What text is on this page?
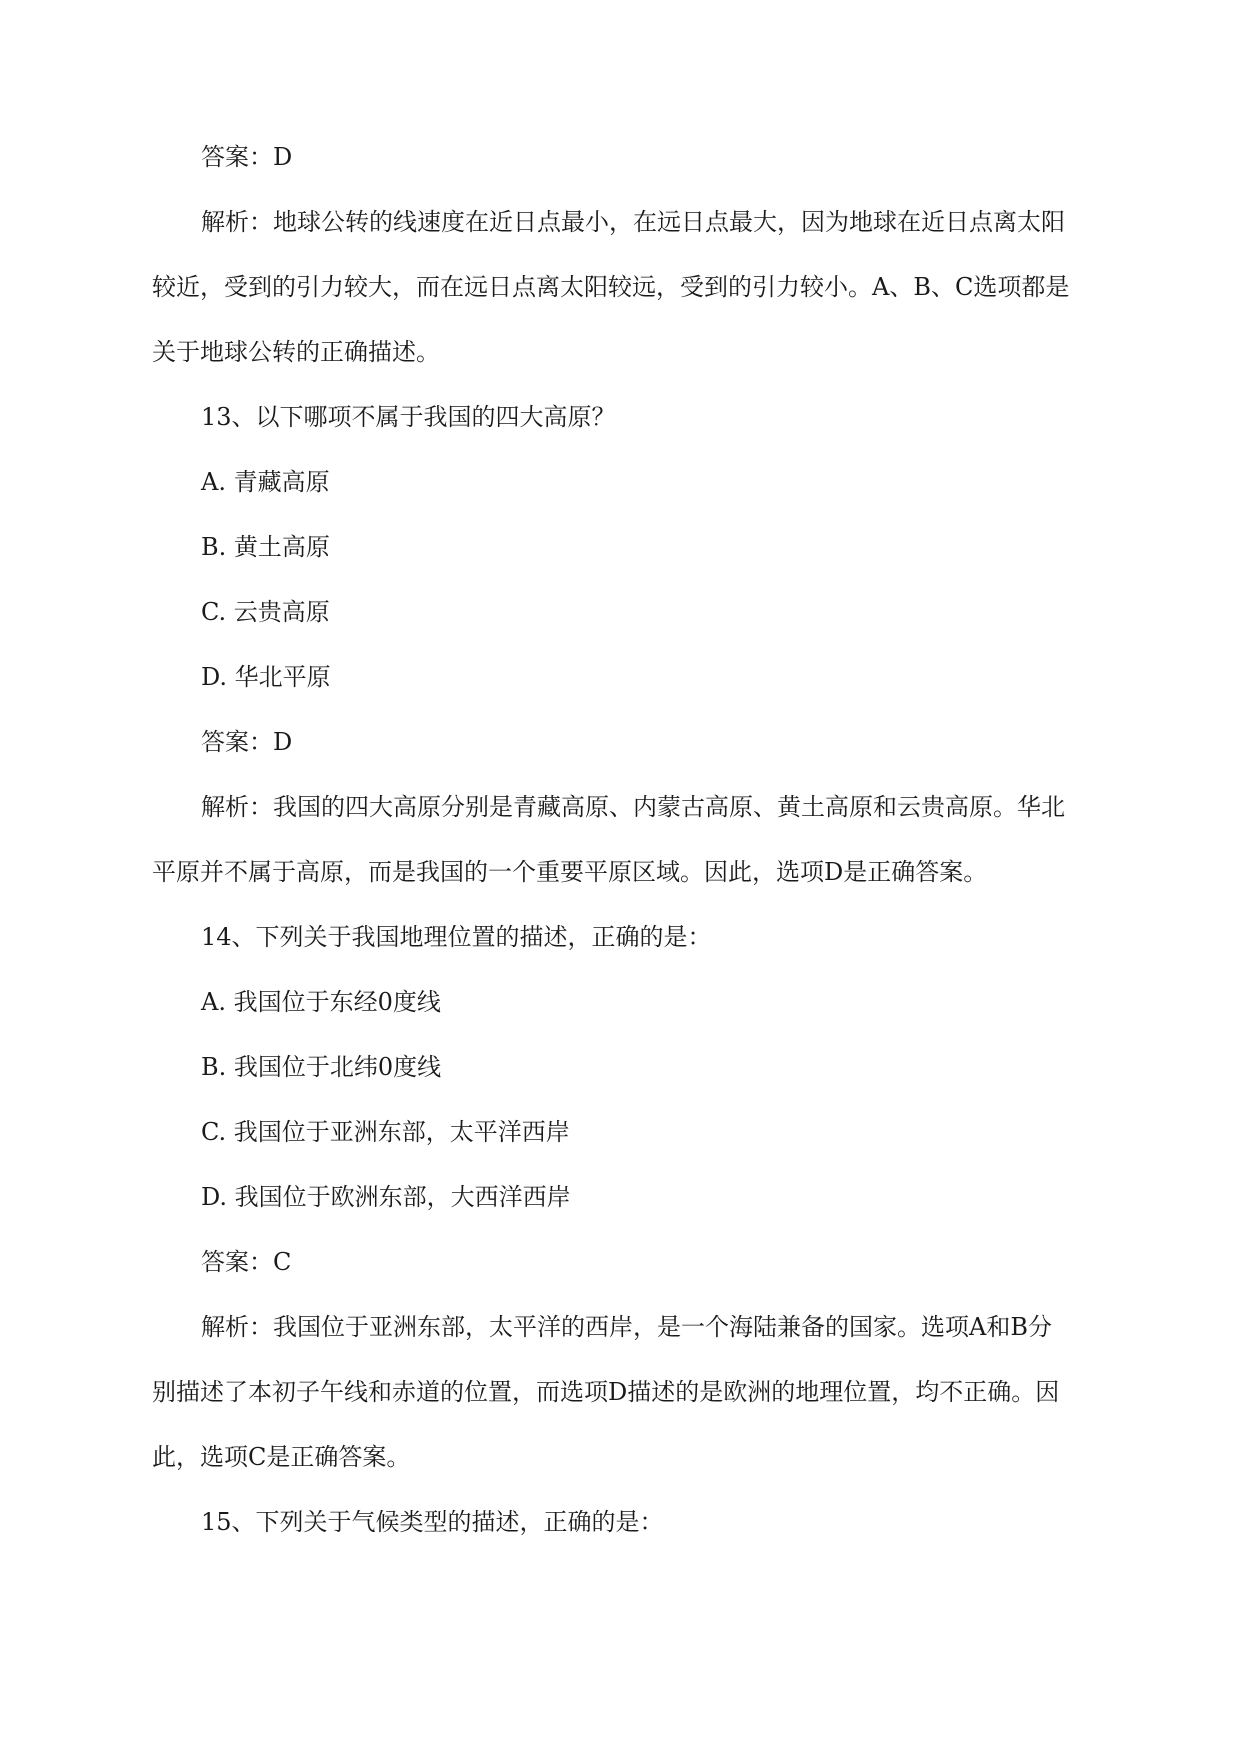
答案：D

解析：地球公转的线速度在近日点最小，在远日点最大，因为地球在近日点离太阳

较近，受到的引力较大，而在远日点离太阳较远，受到的引力较小。A、B、C选项都是

关于地球公转的正确描述。

13、以下哪项不属于我国的四大高原？

A. 青藏高原

B. 黄土高原

C. 云贵高原

D. 华北平原

答案：D

解析：我国的四大高原分别是青藏高原、内蒙古高原、黄土高原和云贵高原。华北

平原并不属于高原，而是我国的一个重要平原区域。因此，选项D是正确答案。

14、下列关于我国地理位置的描述，正确的是：

A. 我国位于东经0度线

B. 我国位于北纬0度线

C. 我国位于亚洲东部，太平洋西岸

D. 我国位于欧洲东部，大西洋西岸

答案：C

解析：我国位于亚洲东部，太平洋的西岸，是一个海陆兼备的国家。选项A和B分

别描述了本初子午线和赤道的位置，而选项D描述的是欧洲的地理位置，均不正确。因

此，选项C是正确答案。

15、下列关于气候类型的描述，正确的是：
